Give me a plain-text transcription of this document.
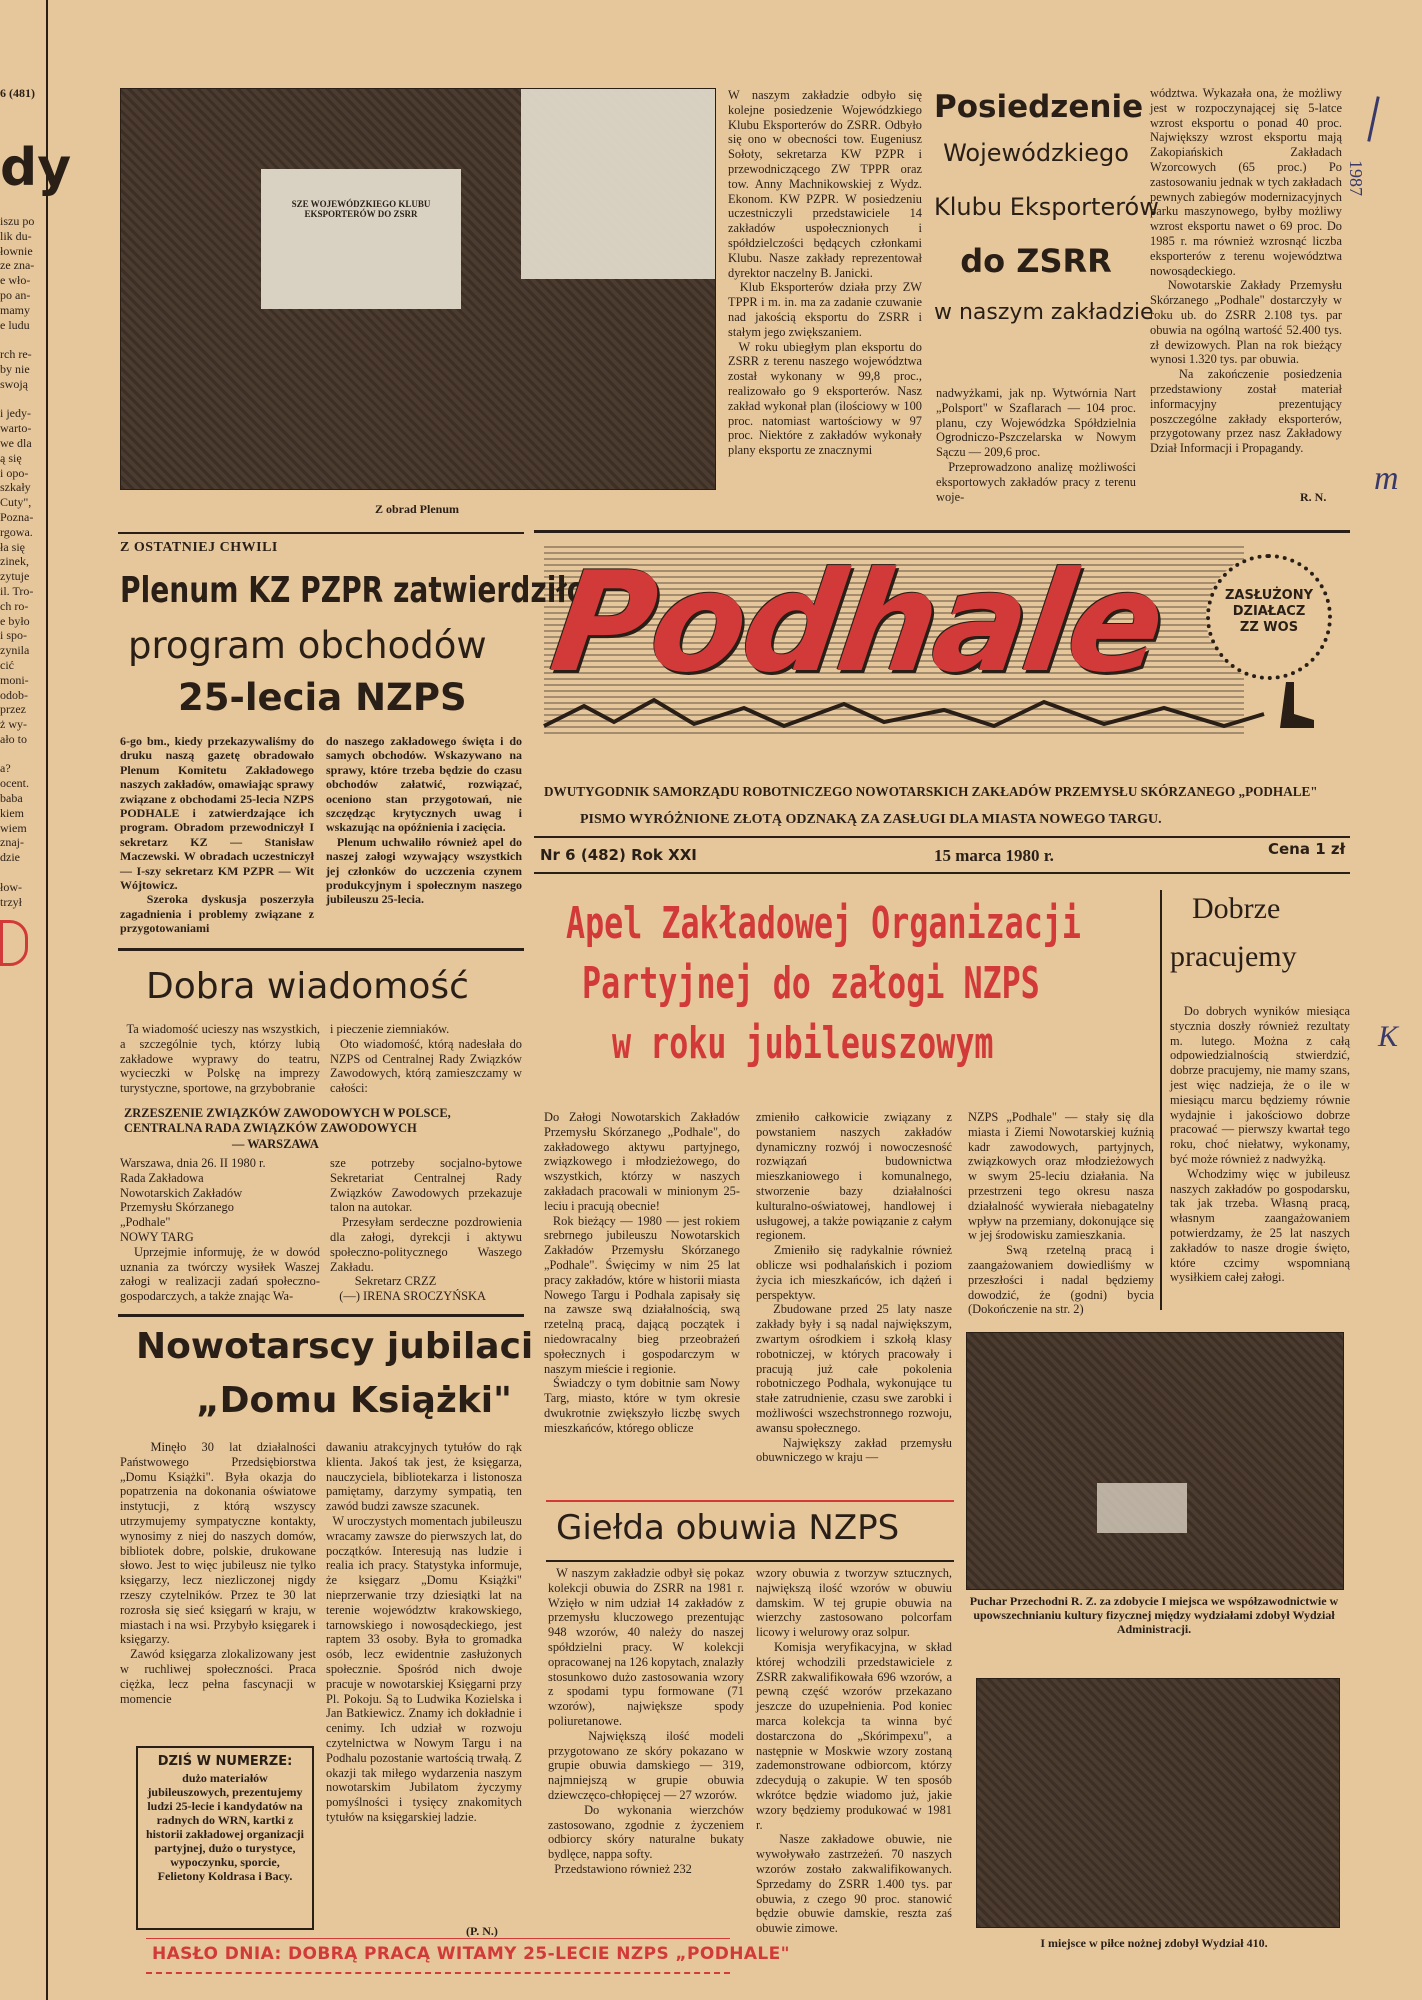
6 (481)
dy
iszu po
lik du-
łownie
ze zna-
e wło-
po an-
mamy
e ludu

rch re-
by nie
swoją

i jedy-
warto-
we dla
ą się
i opo-
szkały
Cuty",
Pozna-
rgowa.
ła się
zinek,
zytuje
il. Tro-
ch ro-
e było
i spo-
zynila
cić
moni-
odob-
przez
ż wy-
ało to

a?
ocent.
baba
kiem
wiem
znaj-
dzie

łow-
trzył
SZE WOJEWÓDZKIEGO KLUBU EKSPORTERÓW DO ZSRR
Z obrad Plenum
W naszym zakładzie odbyło się kolejne posiedzenie Wojewódzkiego Klubu Eksporterów do ZSRR. Odbyło się ono w obecności tow. Eugeniusz Sołoty, sekretarza KW PZPR i przewodniczącego ZW TPPR oraz tow. Anny Machnikowskiej z Wydz. Ekonom. KW PZPR. W posiedzeniu uczestniczyli przedstawiciele 14 zakładów uspołecznionych i spółdzielczości będących członkami Klubu. Nasze zakłady reprezentował dyrektor naczelny B. Janicki.
Klub Eksporterów działa przy ZW TPPR i m. in. ma za zadanie czuwanie nad jakością eksportu do ZSRR i stałym jego zwiększaniem.
W roku ubiegłym plan eksportu do ZSRR z terenu naszego województwa został wykonany w 99,8 proc., realizowało go 9 eksporterów. Nasz zakład wykonał plan (ilościowy w 100 proc. natomiast wartościowy w 97 proc. Niektóre z zakładów wykonały plany eksportu ze znacznymi
Posiedzenie
Wojewódzkiego
Klubu Eksporterów
do ZSRR
w naszym zakładzie
nadwyżkami, jak np. Wytwórnia Nart „Polsport" w Szaflarach — 104 proc. planu, czy Wojewódzka Spółdzielnia Ogrodniczo-Pszczelarska w Nowym Sączu — 209,6 proc.
Przeprowadzono analizę możliwości eksportowych zakładów pracy z terenu woje-
wództwa. Wykazała ona, że możliwy jest w rozpoczynającej się 5-latce wzrost eksportu o ponad 40 proc. Największy wzrost eksportu mają Zakopiańskich Zakładach Wzorcowych (65 proc.) Po zastosowaniu jednak w tych zakładach pewnych zabiegów modernizacyjnych parku maszynowego, byłby możliwy wzrost eksportu nawet o 69 proc. Do 1985 r. ma również wzrosnąć liczba eksporterów z terenu województwa nowosądeckiego.
Nowotarskie Zakłady Przemysłu Skórzanego „Podhale" dostarczyły w roku ub. do ZSRR 2.108 tys. par obuwia na ogólną wartość 52.400 tys. zł dewizowych. Plan na rok bieżący wynosi 1.320 tys. par obuwia.
Na zakończenie posiedzenia przedstawiony został materiał informacyjny prezentujący poszczególne zakłady eksporterów, przygotowany przez nasz Zakładowy Dział Informacji i Propagandy.
R. N.
Z OSTATNIEJ CHWILI
Plenum KZ PZPR zatwierdziło
program obchodów
25-lecia NZPS
6-go bm., kiedy przekazywaliśmy do druku naszą gazetę obradowało Plenum Komitetu Zakładowego naszych zakładów, omawiając sprawy związane z obchodami 25-lecia NZPS PODHALE i zatwierdzające ich program. Obradom przewodniczył I sekretarz KZ — Stanisław Maczewski. W obradach uczestniczył — I-szy sekretarz KM PZPR — Wit Wójtowicz.
Szeroka dyskusja poszerzyła zagadnienia i problemy związane z przygotowaniami
do naszego zakładowego święta i do samych obchodów. Wskazywano na sprawy, które trzeba będzie do czasu obchodów załatwić, rozwiązać, oceniono stan przygotowań, nie szczędząc krytycznych uwag i wskazując na opóźnienia i zacięcia.
Plenum uchwaliło również apel do naszej załogi wzywający wszystkich jej członków do uczczenia czynem produkcyjnym i społecznym naszego jubileuszu 25-lecia.
Podhale	ZASŁUŻONY DZIAŁACZ ZZ WOS
DWUTYGODNIK SAMORZĄDU ROBOTNICZEGO NOWOTARSKICH ZAKŁADÓW PRZEMYSŁU SKÓRZANEGO „PODHALE"
PISMO WYRÓŻNIONE ZŁOTĄ ODZNAKĄ ZA ZASŁUGI DLA MIASTA NOWEGO TARGU.
Nr 6 (482) Rok XXI	15 marca 1980 r.	Cena 1 zł
Dobra wiadomość
Ta wiadomość ucieszy nas wszystkich, a szczególnie tych, którzy lubią zakładowe wyprawy do teatru, wycieczki w Polskę na imprezy turystyczne, sportowe, na grzybobranie
i pieczenie ziemniaków.
Oto wiadomość, którą nadesłała do NZPS od Centralnej Rady Związków Zawodowych, którą zamieszczamy w całości:
ZRZESZENIE ZWIĄZKÓW ZAWODOWYCH W POLSCE,
CENTRALNA RADA ZWIĄZKÓW ZAWODOWYCH
— WARSZAWA
Warszawa, dnia 26. II 1980 r.
Rada Zakładowa
Nowotarskich Zakładów
Przemysłu Skórzanego
„Podhale"
NOWY TARG
Uprzejmie informuję, że w dowód uznania za twórczy wysiłek Waszej załogi w realizacji zadań społeczno-gospodarczych, a także znając Wa-
sze potrzeby socjalno-bytowe Sekretariat Centralnej Rady Związków Zawodowych przekazuje talon na autokar.
Przesyłam serdeczne pozdrowienia dla załogi, dyrekcji i aktywu społeczno-politycznego Waszego Zakładu.
Sekretarz CRZZ
(—) IRENA SROCZYŃSKA
Apel Zakładowej Organizacji
Partyjnej do załogi NZPS
w roku jubileuszowym
Do Załogi Nowotarskich Zakładów Przemysłu Skórzanego „Podhale", do zakładowego aktywu partyjnego, związkowego i młodzieżowego, do wszystkich, którzy w naszych zakładach pracowali w minionym 25-leciu i pracują obecnie!
Rok bieżący — 1980 — jest rokiem srebrnego jubileuszu Nowotarskich Zakładów Przemysłu Skórzanego „Podhale". Święcimy w nim 25 lat pracy zakładów, które w historii miasta Nowego Targu i Podhala zapisały się na zawsze swą działalnością, swą rzetelną pracą, dającą początek i niedowracalny bieg przeobrażeń społecznych i gospodarczym w naszym mieście i regionie.
Świadczy o tym dobitnie sam Nowy Targ, miasto, które w tym okresie dwukrotnie zwiększyło liczbę swych mieszkańców, którego oblicze
zmieniło całkowicie związany z powstaniem naszych zakładów dynamiczny rozwój i nowoczesność rozwiązań budownictwa mieszkaniowego i komunalnego, stworzenie bazy działalności kulturalno-oświatowej, handlowej i usługowej, a także powiązanie z całym regionem.
Zmieniło się radykalnie również oblicze wsi podhalańskich i poziom życia ich mieszkańców, ich dążeń i perspektyw.
Zbudowane przed 25 laty nasze zakłady były i są nadal największym, zwartym ośrodkiem i szkołą klasy robotniczej, w których pracowały i pracują już całe pokolenia robotniczego Podhala, wykonujące tu stałe zatrudnienie, czasu swe zarobki i możliwości wszechstronnego rozwoju, awansu społecznego.
Największy zakład przemysłu obuwniczego w kraju —
NZPS „Podhale" — stały się dla miasta i Ziemi Nowotarskiej kuźnią kadr zawodowych, partyjnych, związkowych oraz młodzieżowych w swym 25-leciu działania. Na przestrzeni tego okresu nasza działalność wywierała niebagatelny wpływ na przemiany, dokonujące się w jej środowisku zamieszkania.
Swą rzetelną pracą i zaangażowaniem dowiedliśmy w przeszłości i nadal będziemy dowodzić, że (godni) bycia (Dokończenie na str. 2)
Dobrze
pracujemy
Do dobrych wyników miesiąca stycznia doszły również rezultaty m. lutego. Można z całą odpowiedzialnością stwierdzić, dobrze pracujemy, nie mamy szans, jest więc nadzieja, że o ile w miesiącu marcu będziemy równie wydajnie i jakościowo dobrze pracować — pierwszy kwartał tego roku, choć niełatwy, wykonamy, być może również z nadwyżką.
Wchodzimy więc w jubileusz naszych zakładów po gospodarsku, tak jak trzeba. Własną pracą, własnym zaangażowaniem potwierdzamy, że 25 lat naszych zakładów to nasze drogie święto, które czcimy wspomnianą wysiłkiem całej załogi.
Nowotarscy jubilaci
„Domu Książki"
Minęło 30 lat działalności Państwowego Przedsiębiorstwa „Domu Książki". Była okazja do popatrzenia na dokonania oświatowe instytucji, z którą wszyscy utrzymujemy sympatyczne kontakty, wynosimy z niej do naszych domów, bibliotek dobre, polskie, drukowane słowo. Jest to więc jubileusz nie tylko księgarzy, lecz niezliczonej nigdy rzeszy czytelników. Przez te 30 lat rozrosła się sieć księgarń w kraju, w miastach i na wsi. Przybyło księgarek i księgarzy.
Zawód księgarza zlokalizowany jest w ruchliwej społeczności. Praca ciężka, lecz pełna fascynacji w momencie
dawaniu atrakcyjnych tytułów do rąk klienta. Jakoś tak jest, że księgarza, nauczyciela, bibliotekarza i listonosza pamiętamy, darzymy sympatią, ten zawód budzi zawsze szacunek.
W uroczystych momentach jubileuszu wracamy zawsze do pierwszych lat, do początków. Interesują nas ludzie i realia ich pracy. Statystyka informuje, że księgarz „Domu Książki" nieprzerwanie trzy dziesiątki lat na terenie województw krakowskiego, tarnowskiego i nowosądeckiego, jest raptem 33 osoby. Była to gromadka osób, lecz ewidentnie zasłużonych społecznie. Spośród nich dwoje pracuje w nowotarskiej Księgarni przy Pl. Pokoju. Są to Ludwika Kozielska i Jan Batkiewicz. Znamy ich dokładnie i cenimy. Ich udział w rozwoju czytelnictwa w Nowym Targu i na Podhalu pozostanie wartością trwałą. Z okazji tak miłego wydarzenia naszym nowotarskim Jubilatom życzymy pomyślności i tysięcy znakomitych tytułów na księgarskiej ladzie.
(P. N.)
DZIŚ W NUMERZE:
dużo materiałów jubileuszowych, prezentujemy ludzi 25-lecie i kandydatów na radnych do WRN, kartki z historii zakładowej organizacji partyjnej, dużo o turystyce, wypoczynku, sporcie, Felietony Koldrasa i Bacy.
Giełda obuwia NZPS
W naszym zakładzie odbył się pokaz kolekcji obuwia do ZSRR na 1981 r. Wzięło w nim udział 14 zakładów z przemysłu kluczowego prezentując 948 wzorów, 40 należy do naszej spółdzielni pracy. W kolekcji opracowanej na 126 kopytach, znalazły stosunkowo dużo zastosowania wzory z spodami typu formowane (71 wzorów), największe spody poliuretanowe.
Największą ilość modeli przygotowano ze skóry pokazano w grupie obuwia damskiego — 319, najmniejszą w grupie obuwia dziewczęco-chłopięcej — 27 wzorów.
Do wykonania wierzchów zastosowano, zgodnie z życzeniem odbiorcy skóry naturalne bukaty bydlęce, nappa softy.
Przedstawiono również 232
wzory obuwia z tworzyw sztucznych, największą ilość wzorów w obuwiu damskim. W tej grupie obuwia na wierzchy zastosowano polcorfam licowy i welurowy oraz solpur.
Komisja weryfikacyjna, w skład której wchodzili przedstawiciele z ZSRR zakwalifikowała 696 wzorów, a pewną część wzorów przekazano jeszcze do uzupełnienia. Pod koniec marca kolekcja ta winna być dostarczona do „Skórimpexu", a następnie w Moskwie wzory zostaną zademonstrowane odbiorcom, którzy zdecydują o zakupie. W ten sposób wkrótce będzie wiadomo już, jakie wzory będziemy produkować w 1981 r.
Nasze zakładowe obuwie, nie wywoływało zastrzeżeń. 70 naszych wzorów zostało zakwalifikowanych. Sprzedamy do ZSRR 1.400 tys. par obuwia, z czego 90 proc. stanowić będzie obuwie damskie, reszta zaś obuwie zimowe.
Puchar Przechodni R. Z. za zdobycie I miejsca we współzawodnictwie w upowszechnianiu kultury fizycznej między wydziałami zdobył Wydział Administracji.
I miejsce w piłce nożnej zdobył Wydział 410.
HASŁO DNIA: DOBRĄ PRACĄ WITAMY 25-LECIE NZPS „PODHALE"
1987
m
K
